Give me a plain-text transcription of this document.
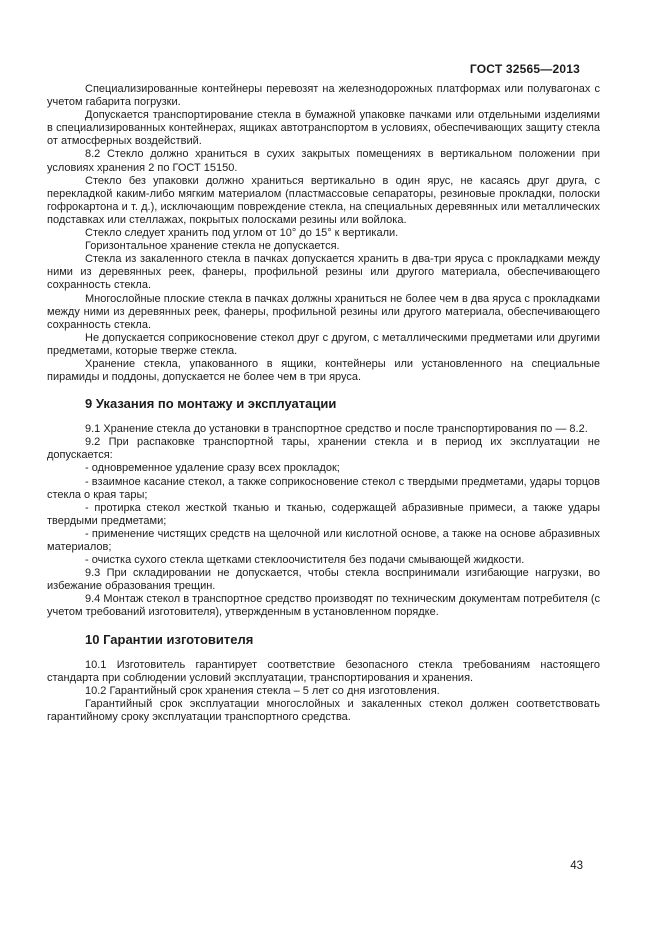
ГОСТ 32565—2013

Специализированные контейнеры перевозят на железнодорожных платформах или полувагонах с учетом габарита погрузки.

Допускается транспортирование стекла в бумажной упаковке пачками или отдельными изделиями в специализированных контейнерах, ящиках автотранспортом в условиях, обеспечивающих защиту стекла от атмосферных воздействий.

8.2 Стекло должно храниться в сухих закрытых помещениях в вертикальном положении при условиях хранения 2 по ГОСТ 15150.

Стекло без упаковки должно храниться вертикально в один ярус, не касаясь друг друга, с перекладкой каким-либо мягким материалом (пластмассовые сепараторы, резиновые прокладки, полоски гофрокартона и т. д.), исключающим повреждение стекла, на специальных деревянных или металлических подставках или стеллажах, покрытых полосками резины или войлока.

Стекло следует хранить под углом от 10° до 15° к вертикали.

Горизонтальное хранение стекла не допускается.

Стекла из закаленного стекла в пачках допускается хранить в два-три яруса с прокладками между ними из деревянных реек, фанеры, профильной резины или другого материала, обеспечивающего сохранность стекла.

Многослойные плоские стекла в пачках должны храниться не более чем в два яруса с прокладками между ними из деревянных реек, фанеры, профильной резины или другого материала, обеспечивающего сохранность стекла.

Не допускается соприкосновение стекол друг с другом, с металлическими предметами или другими предметами, которые тверже стекла.

Хранение стекла, упакованного в ящики, контейнеры или установленного на специальные пирамиды и поддоны, допускается не более чем в три яруса.

9 Указания по монтажу и эксплуатации

9.1 Хранение стекла до установки в транспортное средство и после транспортирования по — 8.2.

9.2 При распаковке транспортной тары, хранении стекла и в период их эксплуатации не допускается:

- одновременное удаление сразу всех прокладок;

- взаимное касание стекол, а также соприкосновение стекол с твердыми предметами, удары торцов стекла о края тары;

- протирка стекол жесткой тканью и тканью, содержащей абразивные примеси, а также удары твердыми предметами;

- применение чистящих средств на щелочной или кислотной основе, а также на основе абразивных материалов;

- очистка сухого стекла щетками стеклоочистителя без подачи смывающей жидкости.

9.3 При складировании не допускается, чтобы стекла воспринимали изгибающие нагрузки, во избежание образования трещин.

9.4 Монтаж стекол в транспортное средство производят по техническим документам потребителя (с учетом требований изготовителя), утвержденным в установленном порядке.

10 Гарантии изготовителя

10.1 Изготовитель гарантирует соответствие безопасного стекла требованиям настоящего стандарта при соблюдении условий эксплуатации, транспортирования и хранения.

10.2 Гарантийный срок хранения стекла – 5 лет со дня изготовления.

Гарантийный срок эксплуатации многослойных и закаленных стекол должен соответствовать гарантийному сроку эксплуатации транспортного средства.

43
